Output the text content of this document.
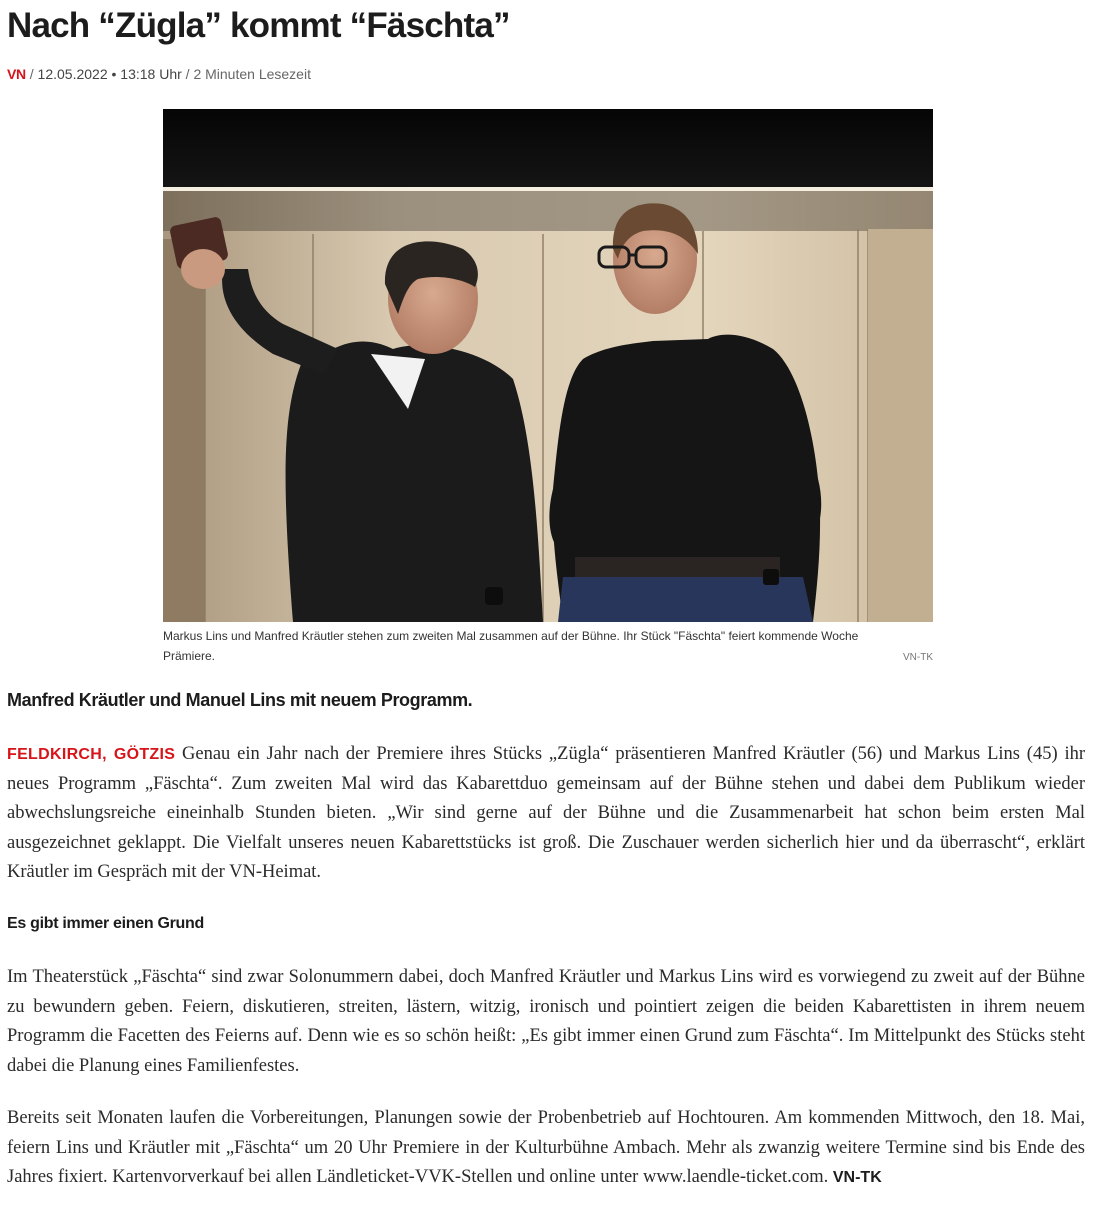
Nach “Zügla” kommt “Fäschta”
VN / 12.05.2022 • 13:18 Uhr / 2 Minuten Lesezeit
Markus Lins und Manfred Kräutler stehen zum zweiten Mal zusammen auf der Bühne. Ihr Stück "Fäschta" feiert kommende Woche Prämiere.	VN-TK
Manfred Kräutler und Manuel Lins mit neuem Programm.

FELDKIRCH, GÖTZIS Genau ein Jahr nach der Premiere ihres Stücks „Zügla“ präsentieren Manfred Kräutler (56) und Markus Lins (45) ihr neues Programm „Fäschta“. Zum zweiten Mal wird das Kabarettduo gemeinsam auf der Bühne stehen und dabei dem Publikum wieder abwechslungsreiche eineinhalb Stunden bieten. „Wir sind gerne auf der Bühne und die Zusammenarbeit hat schon beim ersten Mal ausgezeichnet geklappt. Die Vielfalt unseres neuen Kabarettstücks ist groß. Die Zuschauer werden sicherlich hier und da überrascht“, erklärt Kräutler im Gespräch mit der VN-Heimat.

Es gibt immer einen Grund

Im Theaterstück „Fäschta“ sind zwar Solonummern dabei, doch Manfred Kräutler und Markus Lins wird es vorwiegend zu zweit auf der Bühne zu bewundern geben. Feiern, diskutieren, streiten, lästern, witzig, ironisch und pointiert zeigen die beiden Kabarettisten in ihrem neuem Programm die Facetten des Feierns auf. Denn wie es so schön heißt: „Es gibt immer einen Grund zum Fäschta“. Im Mittelpunkt des Stücks steht dabei die Planung eines Familienfestes.

Bereits seit Monaten laufen die Vorbereitungen, Planungen sowie der Probenbetrieb auf Hochtouren. Am kommenden Mittwoch, den 18. Mai, feiern Lins und Kräutler mit „Fäschta“ um 20 Uhr Premiere in der Kulturbühne Ambach. Mehr als zwanzig weitere Termine sind bis Ende des Jahres fixiert. Kartenvorverkauf bei allen Ländleticket-VVK-Stellen und online unter www.laendle-ticket.com. VN-TK
